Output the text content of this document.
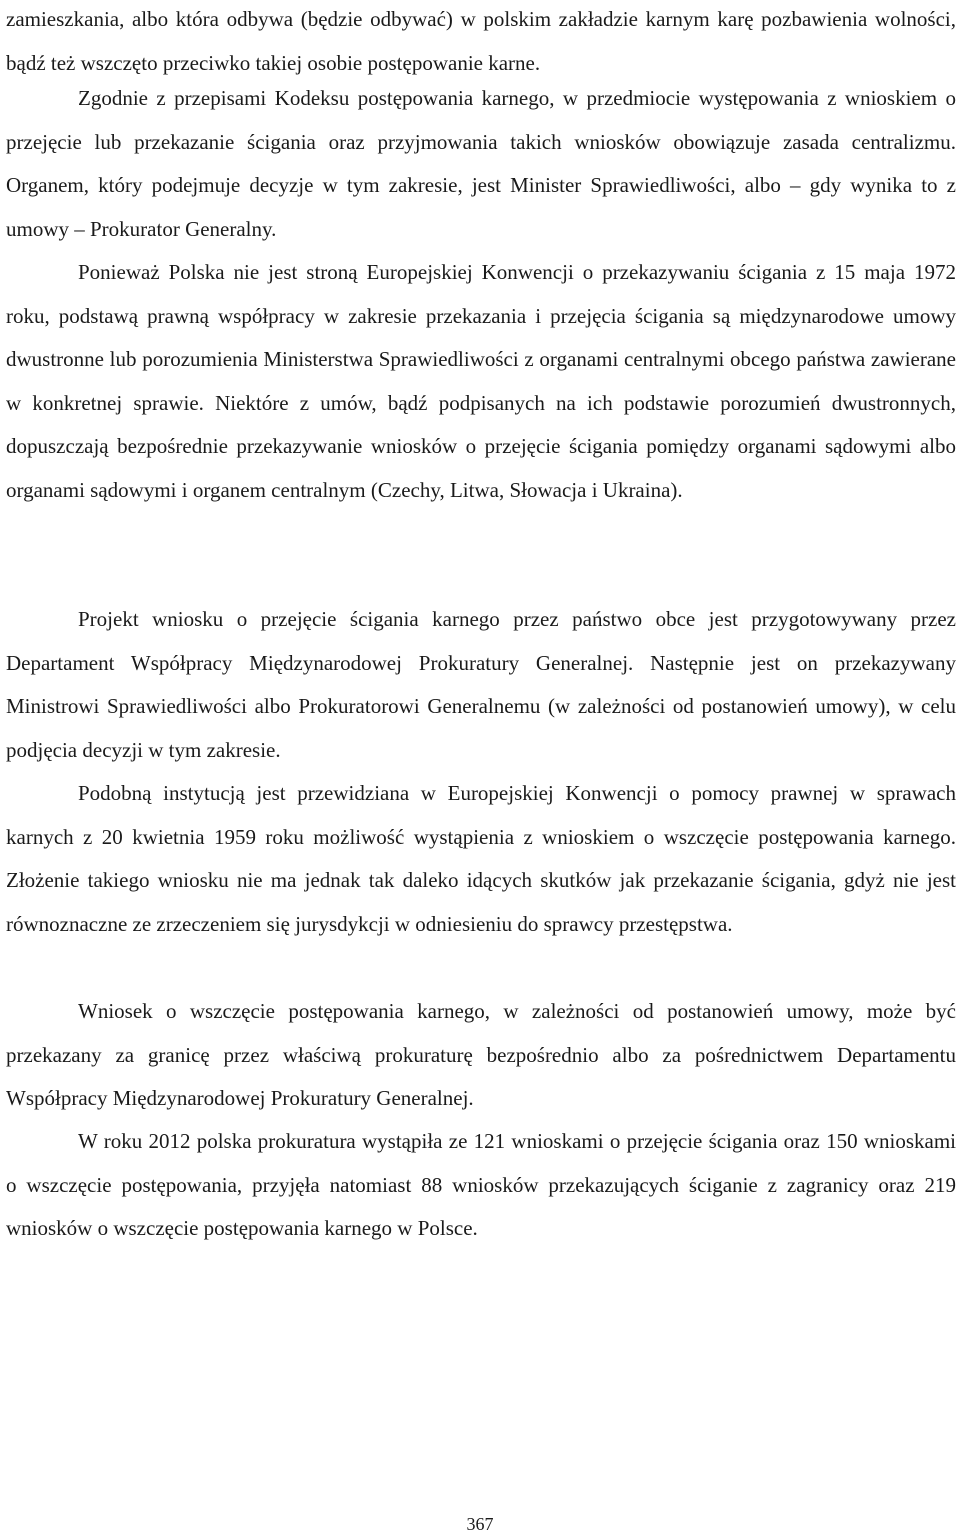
zamieszkania, albo która odbywa (będzie odbywać) w polskim zakładzie karnym karę pozbawienia wolności, bądź też wszczęto przeciwko takiej osobie postępowanie karne.

Zgodnie z przepisami Kodeksu postępowania karnego, w przedmiocie występowania z wnioskiem o przejęcie lub przekazanie ścigania oraz przyjmowania takich wniosków obowiązuje zasada centralizmu. Organem, który podejmuje decyzje w tym zakresie, jest Minister Sprawiedliwości, albo – gdy wynika to z umowy – Prokurator Generalny.

Ponieważ Polska nie jest stroną Europejskiej Konwencji o przekazywaniu ścigania z 15 maja 1972 roku, podstawą prawną współpracy w zakresie przekazania i przejęcia ścigania są międzynarodowe umowy dwustronne lub porozumienia Ministerstwa Sprawiedliwości z organami centralnymi obcego państwa zawierane w konkretnej sprawie. Niektóre z umów, bądź podpisanych na ich podstawie porozumień dwustronnych, dopuszczają bezpośrednie przekazywanie wniosków o przejęcie ścigania pomiędzy organami sądowymi albo organami sądowymi i organem centralnym (Czechy, Litwa, Słowacja i Ukraina).

Projekt wniosku o przejęcie ścigania karnego przez państwo obce jest przygotowywany przez Departament Współpracy Międzynarodowej Prokuratury Generalnej. Następnie jest on przekazywany Ministrowi Sprawiedliwości albo Prokuratorowi Generalnemu (w zależności od postanowień umowy), w celu podjęcia decyzji w tym zakresie.

Podobną instytucją jest przewidziana w Europejskiej Konwencji o pomocy prawnej w sprawach karnych z 20 kwietnia 1959 roku możliwość wystąpienia z wnioskiem o wszczęcie postępowania karnego. Złożenie takiego wniosku nie ma jednak tak daleko idących skutków jak przekazanie ścigania, gdyż nie jest równoznaczne ze zrzeczeniem się jurysdykcji w odniesieniu do sprawcy przestępstwa.

Wniosek o wszczęcie postępowania karnego, w zależności od postanowień umowy, może być przekazany za granicę przez właściwą prokuraturę bezpośrednio albo za pośrednictwem Departamentu Współpracy Międzynarodowej Prokuratury Generalnej.

W roku 2012 polska prokuratura wystąpiła ze 121 wnioskami o przejęcie ścigania oraz 150 wnioskami o wszczęcie postępowania, przyjęła natomiast 88 wniosków przekazujących ściganie z zagranicy oraz 219 wniosków o wszczęcie postępowania karnego w Polsce.

367
